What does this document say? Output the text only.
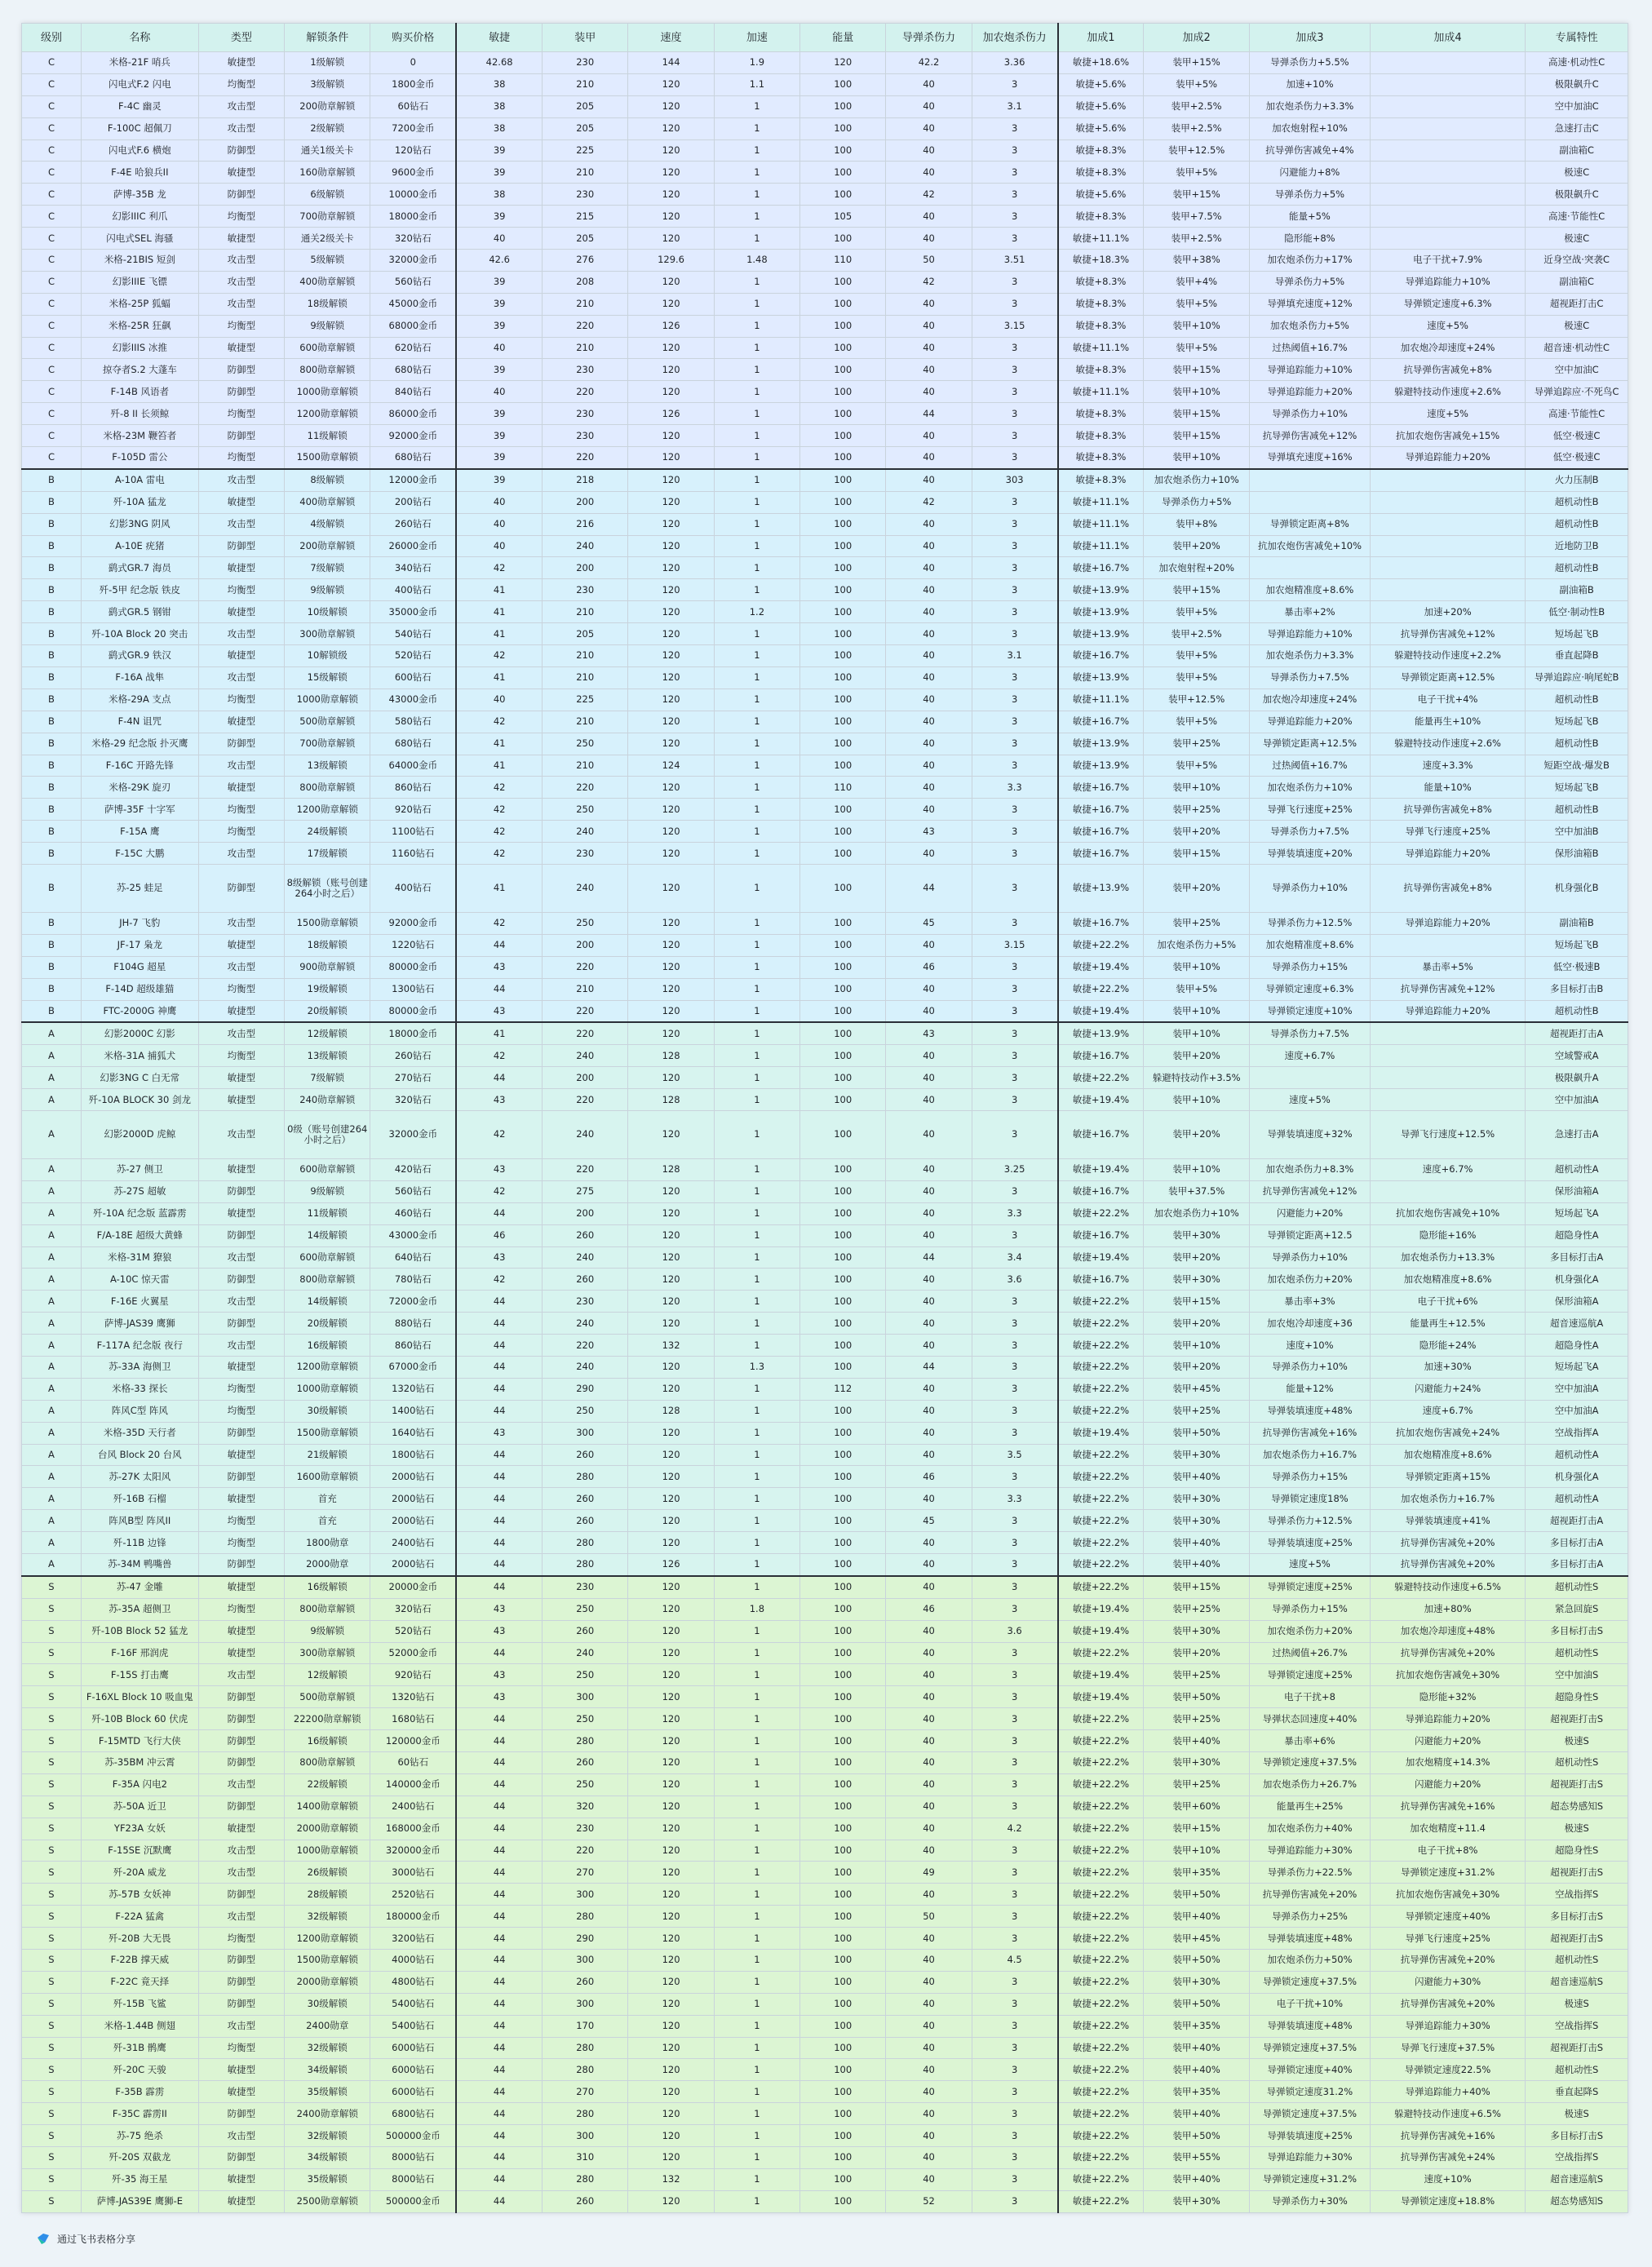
级别	名称	类型	解锁条件	购买价格	敏捷	装甲	速度	加速	能量	导弹杀伤力	加农炮杀伤力	加成1	加成2	加成3	加成4	专属特性
C	米格-21F 哨兵	敏捷型	1级解锁	0	42.68	230	144	1.9	120	42.2	3.36	敏捷+18.6%	装甲+15%	导弹杀伤力+5.5%		高速·机动性C
C	闪电式F.2 闪电	均衡型	3级解锁	1800金币	38	210	120	1.1	100	40	3	敏捷+5.6%	装甲+5%	加速+10%		极限飙升C
C	F-4C 幽灵	攻击型	200勋章解锁	60钻石	38	205	120	1	100	40	3.1	敏捷+5.6%	装甲+2.5%	加农炮杀伤力+3.3%		空中加油C
C	F-100C 超佩刀	攻击型	2级解锁	7200金币	38	205	120	1	100	40	3	敏捷+5.6%	装甲+2.5%	加农炮射程+10%		急速打击C
C	闪电式F.6 横炮	防御型	通关1级关卡	120钻石	39	225	120	1	100	40	3	敏捷+8.3%	装甲+12.5%	抗导弹伤害减免+4%		副油箱C
C	F-4E 哈狼兵II	敏捷型	160勋章解锁	9600金币	39	210	120	1	100	40	3	敏捷+8.3%	装甲+5%	闪避能力+8%		极速C
C	萨博-35B 龙	防御型	6级解锁	10000金币	38	230	120	1	100	42	3	敏捷+5.6%	装甲+15%	导弹杀伤力+5%		极限飙升C
C	幻影IIIC 利爪	均衡型	700勋章解锁	18000金币	39	215	120	1	105	40	3	敏捷+8.3%	装甲+7.5%	能量+5%		高速·节能性C
C	闪电式SEL 海骚	敏捷型	通关2级关卡	320钻石	40	205	120	1	100	40	3	敏捷+11.1%	装甲+2.5%	隐形能+8%		极速C
C	米格-21BIS 短剑	攻击型	5级解锁	32000金币	42.6	276	129.6	1.48	110	50	3.51	敏捷+18.3%	装甲+38%	加农炮杀伤力+17%	电子干扰+7.9%	近身空战·突袭C
C	幻影IIIE 飞镖	攻击型	400勋章解锁	560钻石	39	208	120	1	100	42	3	敏捷+8.3%	装甲+4%	导弹杀伤力+5%	导弹追踪能力+10%	副油箱C
C	米格-25P 狐蝠	攻击型	18级解锁	45000金币	39	210	120	1	100	40	3	敏捷+8.3%	装甲+5%	导弹填充速度+12%	导弹锁定速度+6.3%	超视距打击C
C	米格-25R 狂飙	均衡型	9级解锁	68000金币	39	220	126	1	100	40	3.15	敏捷+8.3%	装甲+10%	加农炮杀伤力+5%	速度+5%	极速C
C	幻影IIIS 冰推	敏捷型	600勋章解锁	620钻石	40	210	120	1	100	40	3	敏捷+11.1%	装甲+5%	过热阈值+16.7%	加农炮冷却速度+24%	超音速·机动性C
C	掠夺者S.2 大蓬车	防御型	800勋章解锁	680钻石	39	230	120	1	100	40	3	敏捷+8.3%	装甲+15%	导弹追踪能力+10%	抗导弹伤害减免+8%	空中加油C
C	F-14B 风语者	防御型	1000勋章解锁	840钻石	40	220	120	1	100	40	3	敏捷+11.1%	装甲+10%	导弹追踪能力+20%	躲避特技动作速度+2.6%	导弹追踪应·不死鸟C
C	歼-8 II 长须鲸	均衡型	1200勋章解锁	86000金币	39	230	126	1	100	44	3	敏捷+8.3%	装甲+15%	导弹杀伤力+10%	速度+5%	高速·节能性C
C	米格-23M 鞭笞者	防御型	11级解锁	92000金币	39	230	120	1	100	40	3	敏捷+8.3%	装甲+15%	抗导弹伤害减免+12%	抗加农炮伤害减免+15%	低空·极速C
C	F-105D 雷公	均衡型	1500勋章解锁	680钻石	39	220	120	1	100	40	3	敏捷+8.3%	装甲+10%	导弹填充速度+16%	导弹追踪能力+20%	低空·极速C
B	A-10A 雷电	攻击型	8级解锁	12000金币	39	218	120	1	100	40	303	敏捷+8.3%	加农炮杀伤力+10%			火力压制B
B	歼-10A 猛龙	敏捷型	400勋章解锁	200钻石	40	200	120	1	100	42	3	敏捷+11.1%	导弹杀伤力+5%			超机动性B
B	幻影3NG 阴风	攻击型	4级解锁	260钻石	40	216	120	1	100	40	3	敏捷+11.1%	装甲+8%	导弹锁定距离+8%		超机动性B
B	A-10E 疣猪	防御型	200勋章解锁	26000金币	40	240	120	1	100	40	3	敏捷+11.1%	装甲+20%	抗加农炮伤害减免+10%		近地防卫B
B	鹞式GR.7 海员	敏捷型	7级解锁	340钻石	42	200	120	1	100	40	3	敏捷+16.7%	加农炮射程+20%			超机动性B
B	歼-5甲 纪念版 铁皮	均衡型	9级解锁	400钻石	41	230	120	1	100	40	3	敏捷+13.9%	装甲+15%	加农炮精准度+8.6%		副油箱B
B	鹞式GR.5 钢钳	敏捷型	10级解锁	35000金币	41	210	120	1.2	100	40	3	敏捷+13.9%	装甲+5%	暴击率+2%	加速+20%	低空·制动性B
B	歼-10A Block 20 突击	攻击型	300勋章解锁	540钻石	41	205	120	1	100	40	3	敏捷+13.9%	装甲+2.5%	导弹追踪能力+10%	抗导弹伤害减免+12%	短场起飞B
B	鹞式GR.9 铁汉	敏捷型	10解锁级	520钻石	42	210	120	1	100	40	3.1	敏捷+16.7%	装甲+5%	加农炮杀伤力+3.3%	躲避特技动作速度+2.2%	垂直起降B
B	F-16A 战隼	攻击型	15级解锁	600钻石	41	210	120	1	100	40	3	敏捷+13.9%	装甲+5%	导弹杀伤力+7.5%	导弹锁定距离+12.5%	导弹追踪应·响尾蛇B
B	米格-29A 支点	均衡型	1000勋章解锁	43000金币	40	225	120	1	100	40	3	敏捷+11.1%	装甲+12.5%	加农炮冷却速度+24%	电子干扰+4%	超机动性B
B	F-4N 诅咒	敏捷型	500勋章解锁	580钻石	42	210	120	1	100	40	3	敏捷+16.7%	装甲+5%	导弹追踪能力+20%	能量再生+10%	短场起飞B
B	米格-29 纪念版 扑灭鹰	防御型	700勋章解锁	680钻石	41	250	120	1	100	40	3	敏捷+13.9%	装甲+25%	导弹锁定距离+12.5%	躲避特技动作速度+2.6%	超机动性B
B	F-16C 开路先锋	攻击型	13级解锁	64000金币	41	210	124	1	100	40	3	敏捷+13.9%	装甲+5%	过热阈值+16.7%	速度+3.3%	短距空战·爆发B
B	米格-29K 旋刃	敏捷型	800勋章解锁	860钻石	42	220	120	1	110	40	3.3	敏捷+16.7%	装甲+10%	加农炮杀伤力+10%	能量+10%	短场起飞B
B	萨博-35F 十字军	均衡型	1200勋章解锁	920钻石	42	250	120	1	100	40	3	敏捷+16.7%	装甲+25%	导弹飞行速度+25%	抗导弹伤害减免+8%	超机动性B
B	F-15A 鹰	均衡型	24级解锁	1100钻石	42	240	120	1	100	43	3	敏捷+16.7%	装甲+20%	导弹杀伤力+7.5%	导弹飞行速度+25%	空中加油B
B	F-15C 大鹏	攻击型	17级解锁	1160钻石	42	230	120	1	100	40	3	敏捷+16.7%	装甲+15%	导弹装填速度+20%	导弹追踪能力+20%	保形油箱B
B	苏-25 蛙足	防御型	8级解锁（账号创建264小时之后）	400钻石	41	240	120	1	100	44	3	敏捷+13.9%	装甲+20%	导弹杀伤力+10%	抗导弹伤害减免+8%	机身强化B
B	JH-7 飞豹	攻击型	1500勋章解锁	92000金币	42	250	120	1	100	45	3	敏捷+16.7%	装甲+25%	导弹杀伤力+12.5%	导弹追踪能力+20%	副油箱B
B	JF-17 枭龙	敏捷型	18级解锁	1220钻石	44	200	120	1	100	40	3.15	敏捷+22.2%	加农炮杀伤力+5%	加农炮精准度+8.6%		短场起飞B
B	F104G 超星	攻击型	900勋章解锁	80000金币	43	220	120	1	100	46	3	敏捷+19.4%	装甲+10%	导弹杀伤力+15%	暴击率+5%	低空·极速B
B	F-14D 超级雄猫	均衡型	19级解锁	1300钻石	44	210	120	1	100	40	3	敏捷+22.2%	装甲+5%	导弹锁定速度+6.3%	抗导弹伤害减免+12%	多目标打击B
B	FTC-2000G 神鹰	敏捷型	20级解锁	80000金币	43	220	120	1	100	40	3	敏捷+19.4%	装甲+10%	导弹锁定速度+10%	导弹追踪能力+20%	超机动性B
A	幻影2000C 幻影	攻击型	12级解锁	18000金币	41	220	120	1	100	43	3	敏捷+13.9%	装甲+10%	导弹杀伤力+7.5%		超视距打击A
A	米格-31A 捕狐犬	均衡型	13级解锁	260钻石	42	240	128	1	100	40	3	敏捷+16.7%	装甲+20%	速度+6.7%		空域警戒A
A	幻影3NG C 白无常	敏捷型	7级解锁	270钻石	44	200	120	1	100	40	3	敏捷+22.2%	躲避特技动作+3.5%			极限飙升A
A	歼-10A BLOCK 30 剑龙	敏捷型	240勋章解锁	320钻石	43	220	128	1	100	40	3	敏捷+19.4%	装甲+10%	速度+5%		空中加油A
A	幻影2000D 虎鲸	攻击型	0级（账号创建264小时之后）	32000金币	42	240	120	1	100	40	3	敏捷+16.7%	装甲+20%	导弹装填速度+32%	导弹飞行速度+12.5%	急速打击A
A	苏-27 侧卫	敏捷型	600勋章解锁	420钻石	43	220	128	1	100	40	3.25	敏捷+19.4%	装甲+10%	加农炮杀伤力+8.3%	速度+6.7%	超机动性A
A	苏-27S 超敏	防御型	9级解锁	560钻石	42	275	120	1	100	40	3	敏捷+16.7%	装甲+37.5%	抗导弹伤害减免+12%		保形油箱A
A	歼-10A 纪念版 蓝霹雳	敏捷型	11级解锁	460钻石	44	200	120	1	100	40	3.3	敏捷+22.2%	加农炮杀伤力+10%	闪避能力+20%	抗加农炮伤害减免+10%	短场起飞A
A	F/A-18E 超级大黄蜂	防御型	14级解锁	43000金币	46	260	120	1	100	40	3	敏捷+16.7%	装甲+30%	导弹锁定距离+12.5	隐形能+16%	超隐身性A
A	米格-31M 獠狼	攻击型	600勋章解锁	640钻石	43	240	120	1	100	44	3.4	敏捷+19.4%	装甲+20%	导弹杀伤力+10%	加农炮杀伤力+13.3%	多目标打击A
A	A-10C 惊天雷	防御型	800勋章解锁	780钻石	42	260	120	1	100	40	3.6	敏捷+16.7%	装甲+30%	加农炮杀伤力+20%	加农炮精准度+8.6%	机身强化A
A	F-16E 火翼星	攻击型	14级解锁	72000金币	44	230	120	1	100	40	3	敏捷+22.2%	装甲+15%	暴击率+3%	电子干扰+6%	保形油箱A
A	萨博-JAS39 鹰狮	防御型	20级解锁	880钻石	44	240	120	1	100	40	3	敏捷+22.2%	装甲+20%	加农炮冷却速度+36	能量再生+12.5%	超音速巡航A
A	F-117A 纪念版 夜行	攻击型	16级解锁	860钻石	44	220	132	1	100	40	3	敏捷+22.2%	装甲+10%	速度+10%	隐形能+24%	超隐身性A
A	苏-33A 海侧卫	敏捷型	1200勋章解锁	67000金币	44	240	120	1.3	100	44	3	敏捷+22.2%	装甲+20%	导弹杀伤力+10%	加速+30%	短场起飞A
A	米格-33 探长	均衡型	1000勋章解锁	1320钻石	44	290	120	1	112	40	3	敏捷+22.2%	装甲+45%	能量+12%	闪避能力+24%	空中加油A
A	阵风C型 阵风	均衡型	30级解锁	1400钻石	44	250	128	1	100	40	3	敏捷+22.2%	装甲+25%	导弹装填速度+48%	速度+6.7%	空中加油A
A	米格-35D 天行者	防御型	1500勋章解锁	1640钻石	43	300	120	1	100	40	3	敏捷+19.4%	装甲+50%	抗导弹伤害减免+16%	抗加农炮伤害减免+24%	空战指挥A
A	台风 Block 20 台风	敏捷型	21级解锁	1800钻石	44	260	120	1	100	40	3.5	敏捷+22.2%	装甲+30%	加农炮杀伤力+16.7%	加农炮精准度+8.6%	超机动性A
A	苏-27K 太阳风	防御型	1600勋章解锁	2000钻石	44	280	120	1	100	46	3	敏捷+22.2%	装甲+40%	导弹杀伤力+15%	导弹锁定距离+15%	机身强化A
A	歼-16B 石榴	敏捷型	首充	2000钻石	44	260	120	1	100	40	3.3	敏捷+22.2%	装甲+30%	导弹锁定速度18%	加农炮杀伤力+16.7%	超机动性A
A	阵风B型 阵风II	均衡型	首充	2000钻石	44	260	120	1	100	45	3	敏捷+22.2%	装甲+30%	导弹杀伤力+12.5%	导弹装填速度+41%	超视距打击A
A	歼-11B 边锋	均衡型	1800勋章	2400钻石	44	280	120	1	100	40	3	敏捷+22.2%	装甲+40%	导弹装填速度+25%	抗导弹伤害减免+20%	多目标打击A
A	苏-34M 鸭嘴兽	防御型	2000勋章	2000钻石	44	280	126	1	100	40	3	敏捷+22.2%	装甲+40%	速度+5%	抗导弹伤害减免+20%	多目标打击A
S	苏-47 金雕	敏捷型	16级解锁	20000金币	44	230	120	1	100	40	3	敏捷+22.2%	装甲+15%	导弹锁定速度+25%	躲避特技动作速度+6.5%	超机动性S
S	苏-35A 超侧卫	均衡型	800勋章解锁	320钻石	43	250	120	1.8	100	46	3	敏捷+19.4%	装甲+25%	导弹杀伤力+15%	加速+80%	紧急回旋S
S	歼-10B Block 52 猛龙	敏捷型	9级解锁	520钻石	43	260	120	1	100	40	3.6	敏捷+19.4%	装甲+30%	加农炮杀伤力+20%	加农炮冷却速度+48%	多目标打击S
S	F-16F 邢润虎	敏捷型	300勋章解锁	52000金币	44	240	120	1	100	40	3	敏捷+22.2%	装甲+20%	过热阈值+26.7%	抗导弹伤害减免+20%	超机动性S
S	F-15S 打击鹰	攻击型	12级解锁	920钻石	43	250	120	1	100	40	3	敏捷+19.4%	装甲+25%	导弹锁定速度+25%	抗加农炮伤害减免+30%	空中加油S
S	F-16XL Block 10 吸血鬼	防御型	500勋章解锁	1320钻石	43	300	120	1	100	40	3	敏捷+19.4%	装甲+50%	电子干扰+8	隐形能+32%	超隐身性S
S	歼-10B Block 60 伏虎	防御型	22200勋章解锁	1680钻石	44	250	120	1	100	40	3	敏捷+22.2%	装甲+25%	导弹状态回速度+40%	导弹追踪能力+20%	超视距打击S
S	F-15MTD 飞行大侠	防御型	16级解锁	120000金币	44	280	120	1	100	40	3	敏捷+22.2%	装甲+40%	暴击率+6%	闪避能力+20%	极速S
S	苏-35BM 冲云霄	防御型	800勋章解锁	60钻石	44	260	120	1	100	40	3	敏捷+22.2%	装甲+30%	导弹锁定速度+37.5%	加农炮精度+14.3%	超机动性S
S	F-35A 闪电2	攻击型	22级解锁	140000金币	44	250	120	1	100	40	3	敏捷+22.2%	装甲+25%	加农炮杀伤力+26.7%	闪避能力+20%	超视距打击S
S	苏-50A 近卫	防御型	1400勋章解锁	2400钻石	44	320	120	1	100	40	3	敏捷+22.2%	装甲+60%	能量再生+25%	抗导弹伤害减免+16%	超态势感知S
S	YF23A 女妖	敏捷型	2000勋章解锁	168000金币	44	230	120	1	100	40	4.2	敏捷+22.2%	装甲+15%	加农炮杀伤力+40%	加农炮精度+11.4	极速S
S	F-15SE 沉默鹰	攻击型	1000勋章解锁	320000金币	44	220	120	1	100	40	3	敏捷+22.2%	装甲+10%	导弹追踪能力+30%	电子干扰+8%	超隐身性S
S	歼-20A 威龙	攻击型	26级解锁	3000钻石	44	270	120	1	100	49	3	敏捷+22.2%	装甲+35%	导弹杀伤力+22.5%	导弹锁定速度+31.2%	超视距打击S
S	苏-57B 女妖神	防御型	28级解锁	2520钻石	44	300	120	1	100	40	3	敏捷+22.2%	装甲+50%	抗导弹伤害减免+20%	抗加农炮伤害减免+30%	空战指挥S
S	F-22A 猛禽	攻击型	32级解锁	180000金币	44	280	120	1	100	50	3	敏捷+22.2%	装甲+40%	导弹杀伤力+25%	导弹锁定速度+40%	多目标打击S
S	歼-20B 大无畏	均衡型	1200勋章解锁	3200钻石	44	290	120	1	100	40	3	敏捷+22.2%	装甲+45%	导弹装填速度+48%	导弹飞行速度+25%	超视距打击S
S	F-22B 撑天威	防御型	1500勋章解锁	4000钻石	44	300	120	1	100	40	4.5	敏捷+22.2%	装甲+50%	加农炮杀伤力+50%	抗导弹伤害减免+20%	超机动性S
S	F-22C 竟天择	防御型	2000勋章解锁	4800钻石	44	260	120	1	100	40	3	敏捷+22.2%	装甲+30%	导弹锁定速度+37.5%	闪避能力+30%	超音速巡航S
S	歼-15B 飞鲨	防御型	30级解锁	5400钻石	44	300	120	1	100	40	3	敏捷+22.2%	装甲+50%	电子干扰+10%	抗导弹伤害减免+20%	极速S
S	米格-1.44B 侧翅	攻击型	2400勋章	5400钻石	44	170	120	1	100	40	3	敏捷+22.2%	装甲+35%	导弹装填速度+48%	导弹追踪能力+30%	空战指挥S
S	歼-31B 鹘鹰	均衡型	32级解锁	6000钻石	44	280	120	1	100	40	3	敏捷+22.2%	装甲+40%	导弹锁定速度+37.5%	导弹飞行速度+37.5%	超视距打击S
S	歼-20C 天骏	敏捷型	34级解锁	6000钻石	44	280	120	1	100	40	3	敏捷+22.2%	装甲+40%	导弹锁定速度+40%	导弹锁定速度22.5%	超机动性S
S	F-35B 霹雳	敏捷型	35级解锁	6000钻石	44	270	120	1	100	40	3	敏捷+22.2%	装甲+35%	导弹锁定速度31.2%	导弹追踪能力+40%	垂直起降S
S	F-35C 霹雳II	防御型	2400勋章解锁	6800钻石	44	280	120	1	100	40	3	敏捷+22.2%	装甲+40%	导弹锁定速度+37.5%	躲避特技动作速度+6.5%	极速S
S	苏-75 绝杀	攻击型	32级解锁	500000金币	44	300	120	1	100	40	3	敏捷+22.2%	装甲+50%	导弹装填速度+25%	抗导弹伤害减免+16%	多目标打击S
S	歼-20S 双截龙	防御型	34级解锁	8000钻石	44	310	120	1	100	40	3	敏捷+22.2%	装甲+55%	导弹追踪能力+30%	抗导弹伤害减免+24%	空战指挥S
S	歼-35 海王星	敏捷型	35级解锁	8000钻石	44	280	132	1	100	40	3	敏捷+22.2%	装甲+40%	导弹锁定速度+31.2%	速度+10%	超音速巡航S
S	萨博-JAS39E 鹰狮-E	敏捷型	2500勋章解锁	500000金币	44	260	120	1	100	52	3	敏捷+22.2%	装甲+30%	导弹杀伤力+30%	导弹锁定速度+18.8%	超态势感知S
通过飞书表格分享
